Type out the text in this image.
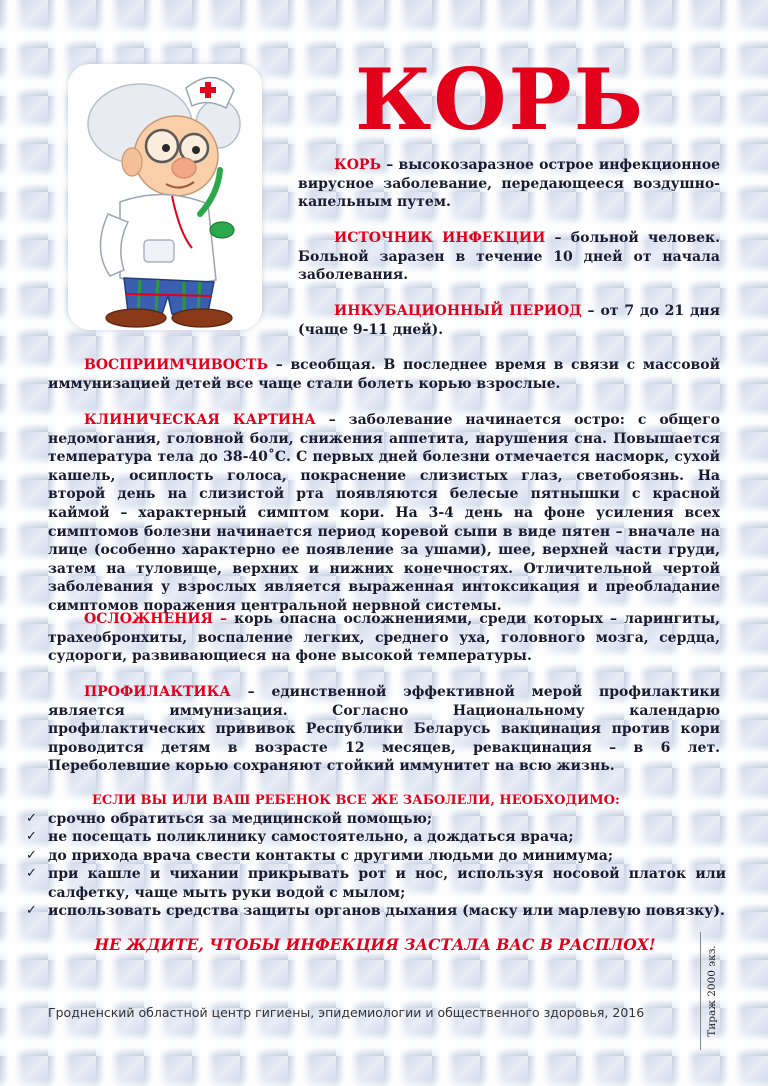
КОРЬ

КОРЬ – высокозаразное острое инфекционное вирусное заболевание, передающееся воздушно-капельным путем.

ИСТОЧНИК ИНФЕКЦИИ – больной человек. Больной заразен в течение 10 дней от начала заболевания.

ИНКУБАЦИОННЫЙ ПЕРИОД – от 7 до 21 дня (чаще 9-11 дней).

ВОСПРИИМЧИВОСТЬ – всеобщая. В последнее время в связи с массовой иммунизацией детей все чаще стали болеть корью взрослые.

КЛИНИЧЕСКАЯ КАРТИНА – заболевание начинается остро: с общего недомогания, головной боли, снижения аппетита, нарушения сна. Повышается температура тела до 38-40˚С. С первых дней болезни отмечается насморк, сухой кашель, осиплость голоса, покраснение слизистых глаз, светобоязнь. На второй день на слизистой рта появляются белесые пятнышки с красной каймой – характерный симптом кори. На 3-4 день на фоне усиления всех симптомов болезни начинается период коревой сыпи в виде пятен – вначале на лице (особенно характерно ее появление за ушами), шее, верхней части груди, затем на туловище, верхних и нижних конечностях. Отличительной чертой заболевания у взрослых является выраженная интоксикация и преобладание симптомов поражения центральной нервной системы.

ОСЛОЖНЕНИЯ – корь опасна осложнениями, среди которых – ларингиты, трахеобронхиты, воспаление легких, среднего уха, головного мозга, сердца, судороги, развивающиеся на фоне высокой температуры.

ПРОФИЛАКТИКА – единственной эффективной мерой профилактики является иммунизация. Согласно Национальному календарю профилактических прививок Республики Беларусь вакцинация против кори проводится детям в возрасте 12 месяцев, ревакцинация – в 6 лет. Переболевшие корью сохраняют стойкий иммунитет на всю жизнь.

ЕСЛИ ВЫ ИЛИ ВАШ РЕБЕНОК ВСЕ ЖЕ ЗАБОЛЕЛИ, НЕОБХОДИМО:
✓ срочно обратиться за медицинской помощью;
✓ не посещать поликлинику самостоятельно, а дождаться врача;
✓ до прихода врача свести контакты с другими людьми до минимума;
✓ при кашле и чихании прикрывать рот и нос, используя носовой платок или салфетку, чаще мыть руки водой с мылом;
✓ использовать средства защиты органов дыхания (маску или марлевую повязку).
НЕ ЖДИТЕ, ЧТОБЫ ИНФЕКЦИЯ ЗАСТАЛА ВАС В РАСПЛОХ!
Гродненский областной центр гигиены, эпидемиологии и общественного здоровья, 2016	Тираж 2000 экз.
